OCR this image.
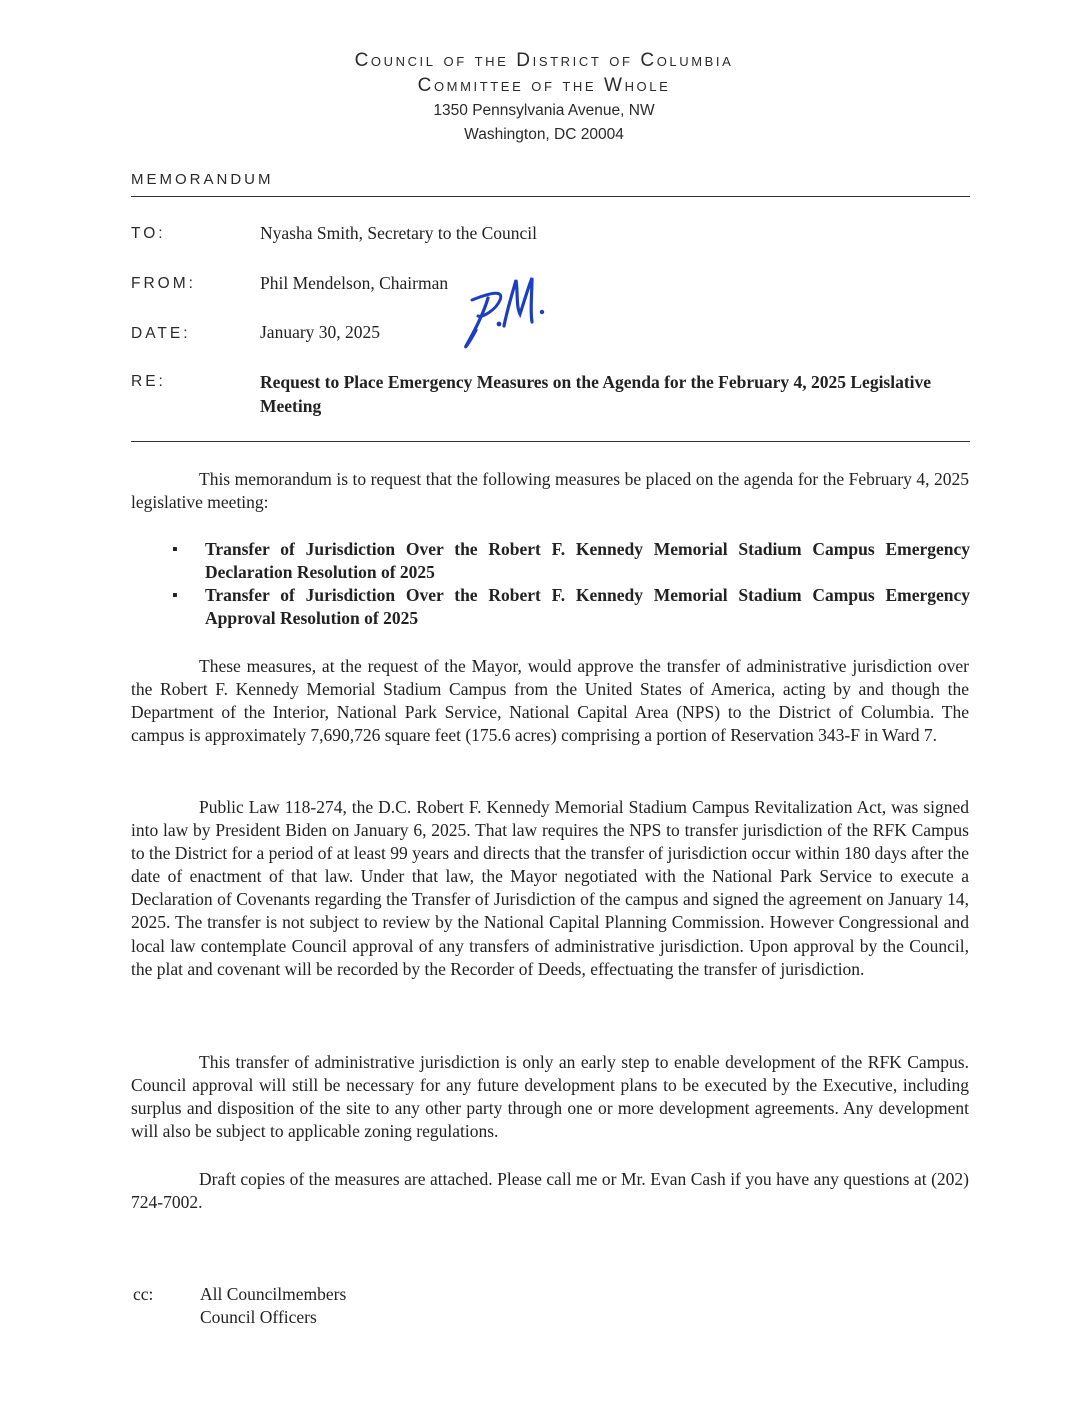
Council of the District of Columbia
Committee of the Whole
1350 Pennsylvania Avenue, NW
Washington, DC 20004
MEMORANDUM
TO:	Nyasha Smith, Secretary to the Council
FROM:	Phil Mendelson, Chairman
DATE:	January 30, 2025
RE:	Request to Place Emergency Measures on the Agenda for the February 4, 2025 Legislative Meeting
This memorandum is to request that the following measures be placed on the agenda for the February 4, 2025 legislative meeting:
▪ Transfer of Jurisdiction Over the Robert F. Kennedy Memorial Stadium Campus Emergency Declaration Resolution of 2025
▪ Transfer of Jurisdiction Over the Robert F. Kennedy Memorial Stadium Campus Emergency Approval Resolution of 2025
These measures, at the request of the Mayor, would approve the transfer of administrative jurisdiction over the Robert F. Kennedy Memorial Stadium Campus from the United States of America, acting by and though the Department of the Interior, National Park Service, National Capital Area (NPS) to the District of Columbia. The campus is approximately 7,690,726 square feet (175.6 acres) comprising a portion of Reservation 343-F in Ward 7.
Public Law 118-274, the D.C. Robert F. Kennedy Memorial Stadium Campus Revitalization Act, was signed into law by President Biden on January 6, 2025. That law requires the NPS to transfer jurisdiction of the RFK Campus to the District for a period of at least 99 years and directs that the transfer of jurisdiction occur within 180 days after the date of enactment of that law. Under that law, the Mayor negotiated with the National Park Service to execute a Declaration of Covenants regarding the Transfer of Jurisdiction of the campus and signed the agreement on January 14, 2025. The transfer is not subject to review by the National Capital Planning Commission. However Congressional and local law contemplate Council approval of any transfers of administrative jurisdiction. Upon approval by the Council, the plat and covenant will be recorded by the Recorder of Deeds, effectuating the transfer of jurisdiction.
This transfer of administrative jurisdiction is only an early step to enable development of the RFK Campus. Council approval will still be necessary for any future development plans to be executed by the Executive, including surplus and disposition of the site to any other party through one or more development agreements. Any development will also be subject to applicable zoning regulations.
Draft copies of the measures are attached. Please call me or Mr. Evan Cash if you have any questions at (202) 724-7002.
cc:	All Councilmembers
Council Officers
